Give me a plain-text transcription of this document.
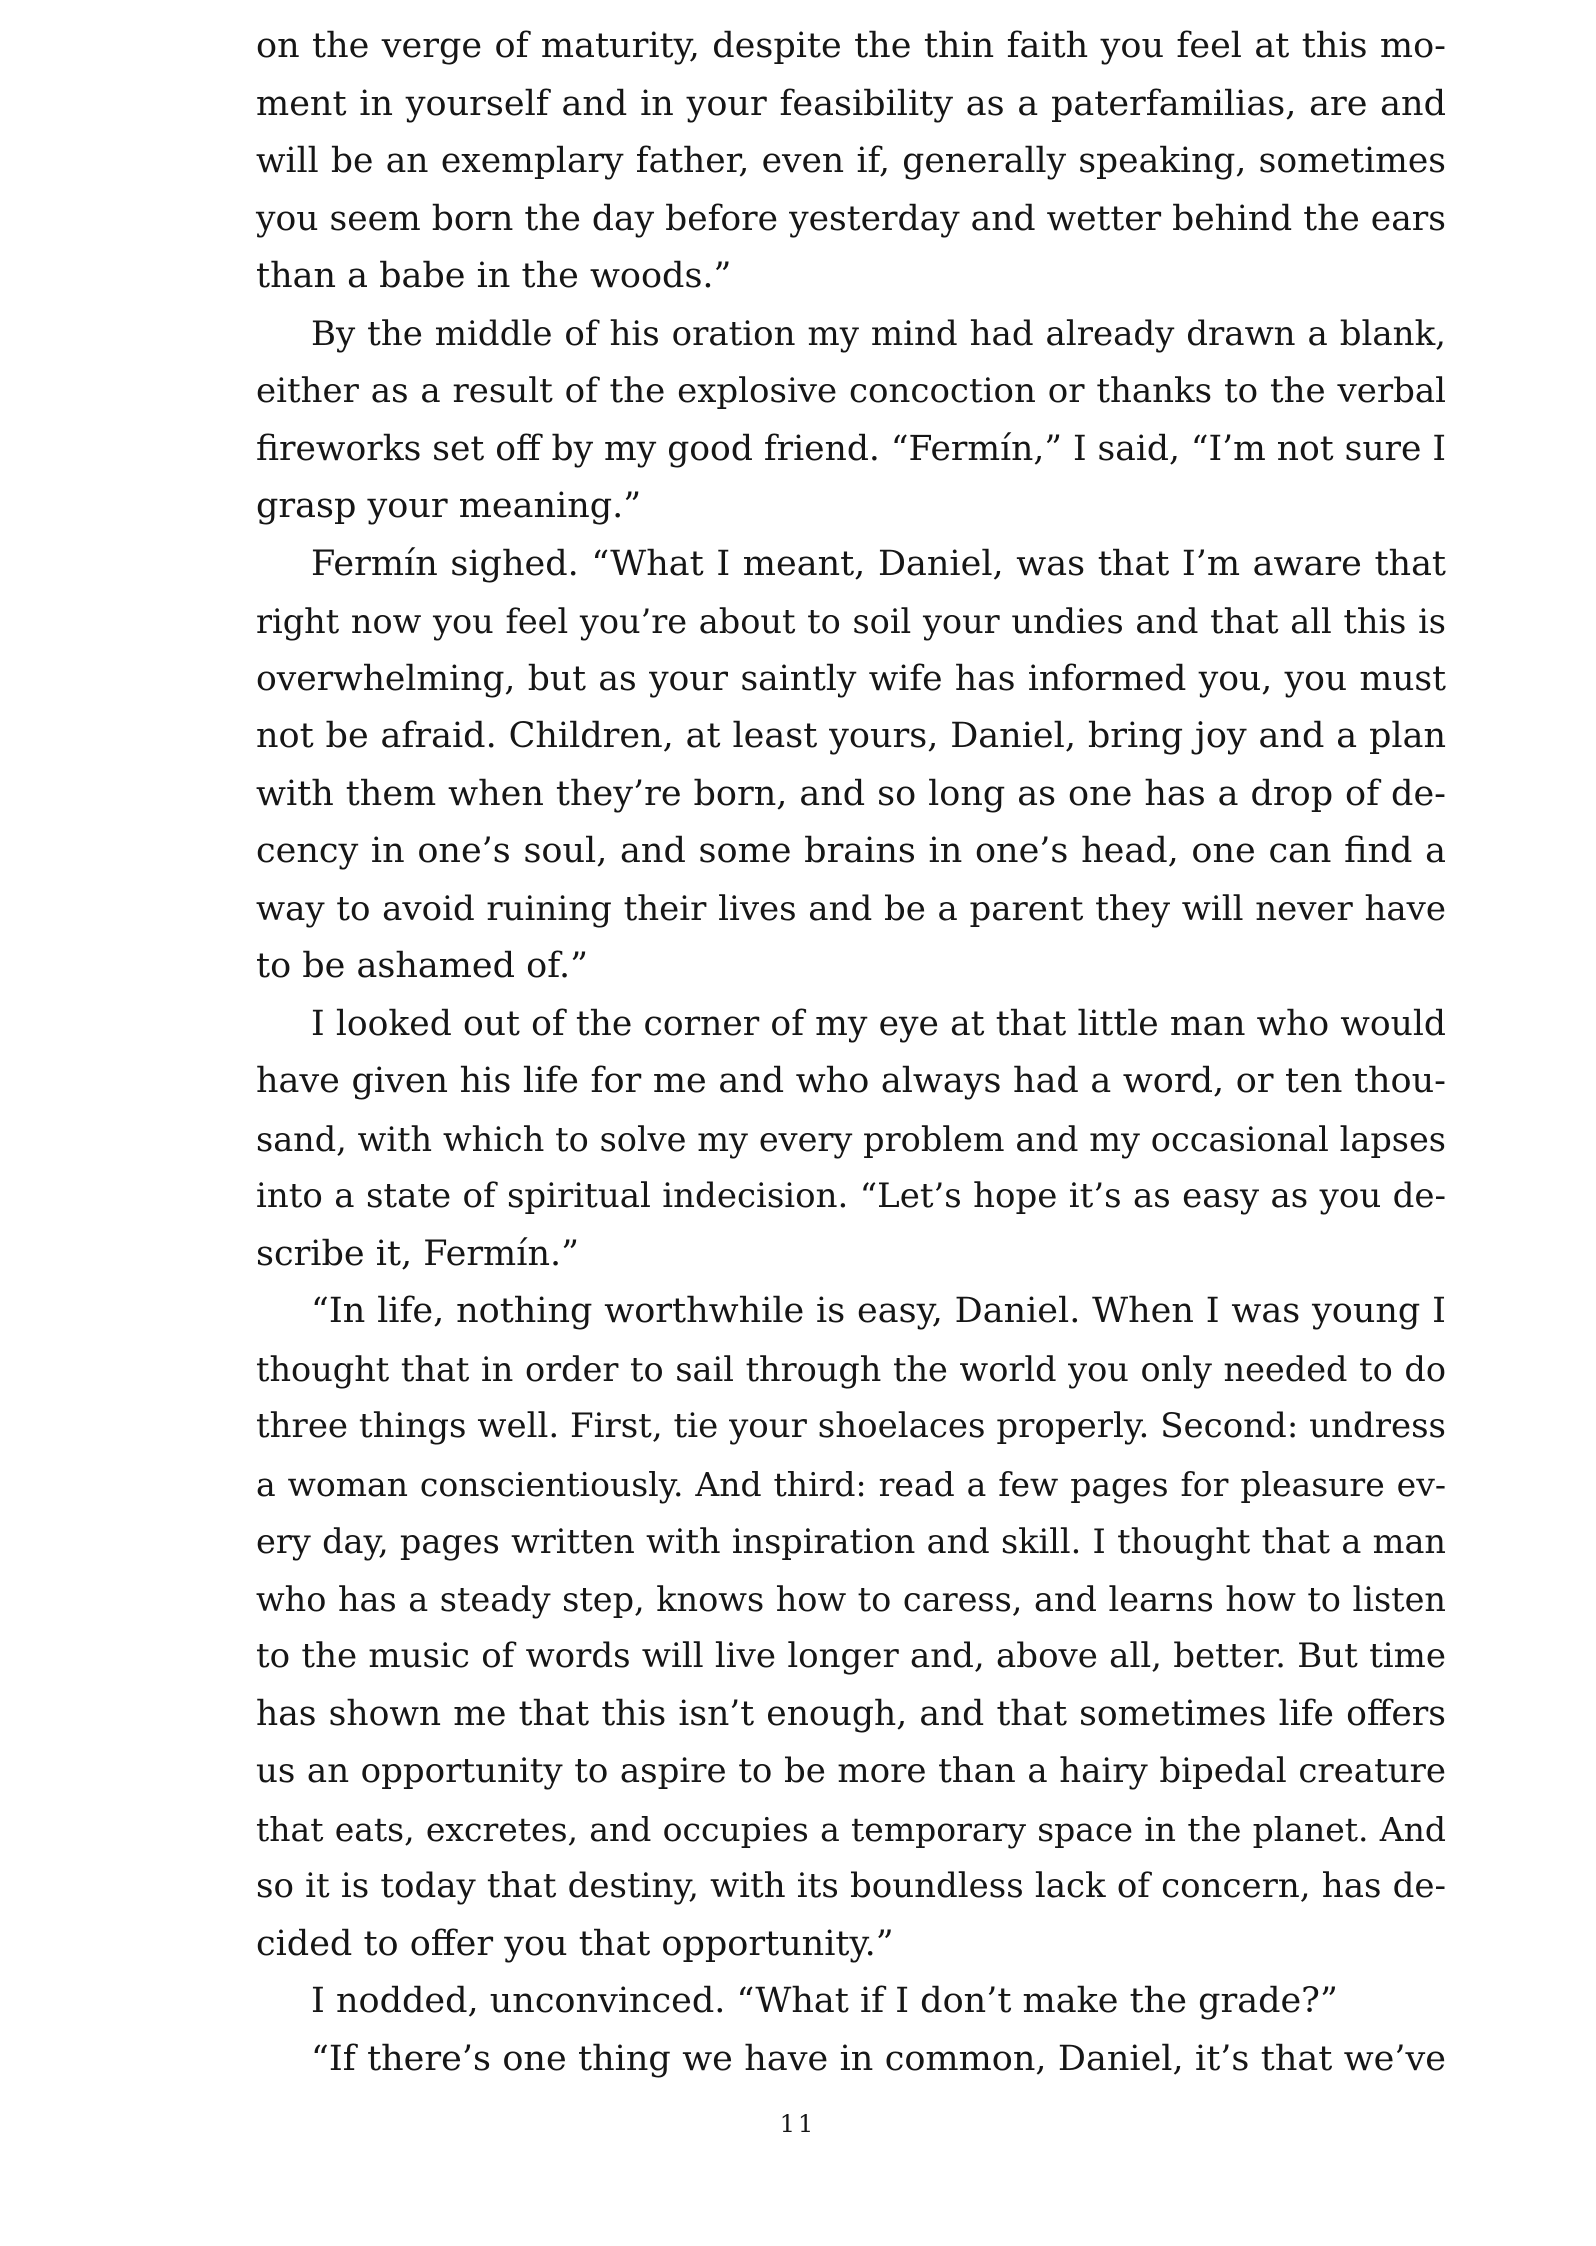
on the verge of maturity, despite the thin faith you feel at this mo-
ment in yourself and in your feasibility as a paterfamilias, are and
will be an exemplary father, even if, generally speaking, sometimes
you seem born the day before yesterday and wetter behind the ears
than a babe in the woods.”
By the middle of his oration my mind had already drawn a blank,
either as a result of the explosive concoction or thanks to the verbal
fireworks set off by my good friend. “Fermín,” I said, “I’m not sure I
grasp your meaning.”
Fermín sighed. “What I meant, Daniel, was that I’m aware that
right now you feel you’re about to soil your undies and that all this is
overwhelming, but as your saintly wife has informed you, you must
not be afraid. Children, at least yours, Daniel, bring joy and a plan
with them when they’re born, and so long as one has a drop of de-
cency in one’s soul, and some brains in one’s head, one can find a
way to avoid ruining their lives and be a parent they will never have
to be ashamed of.”
I looked out of the corner of my eye at that little man who would
have given his life for me and who always had a word, or ten thou-
sand, with which to solve my every problem and my occasional lapses
into a state of spiritual indecision. “Let’s hope it’s as easy as you de-
scribe it, Fermín.”
“In life, nothing worthwhile is easy, Daniel. When I was young I
thought that in order to sail through the world you only needed to do
three things well. First, tie your shoelaces properly. Second: undress
a woman conscientiously. And third: read a few pages for pleasure ev-
ery day, pages written with inspiration and skill. I thought that a man
who has a steady step, knows how to caress, and learns how to listen
to the music of words will live longer and, above all, better. But time
has shown me that this isn’t enough, and that sometimes life offers
us an opportunity to aspire to be more than a hairy bipedal creature
that eats, excretes, and occupies a temporary space in the planet. And
so it is today that destiny, with its boundless lack of concern, has de-
cided to offer you that opportunity.”
I nodded, unconvinced. “What if I don’t make the grade?”
“If there’s one thing we have in common, Daniel, it’s that we’ve
11
